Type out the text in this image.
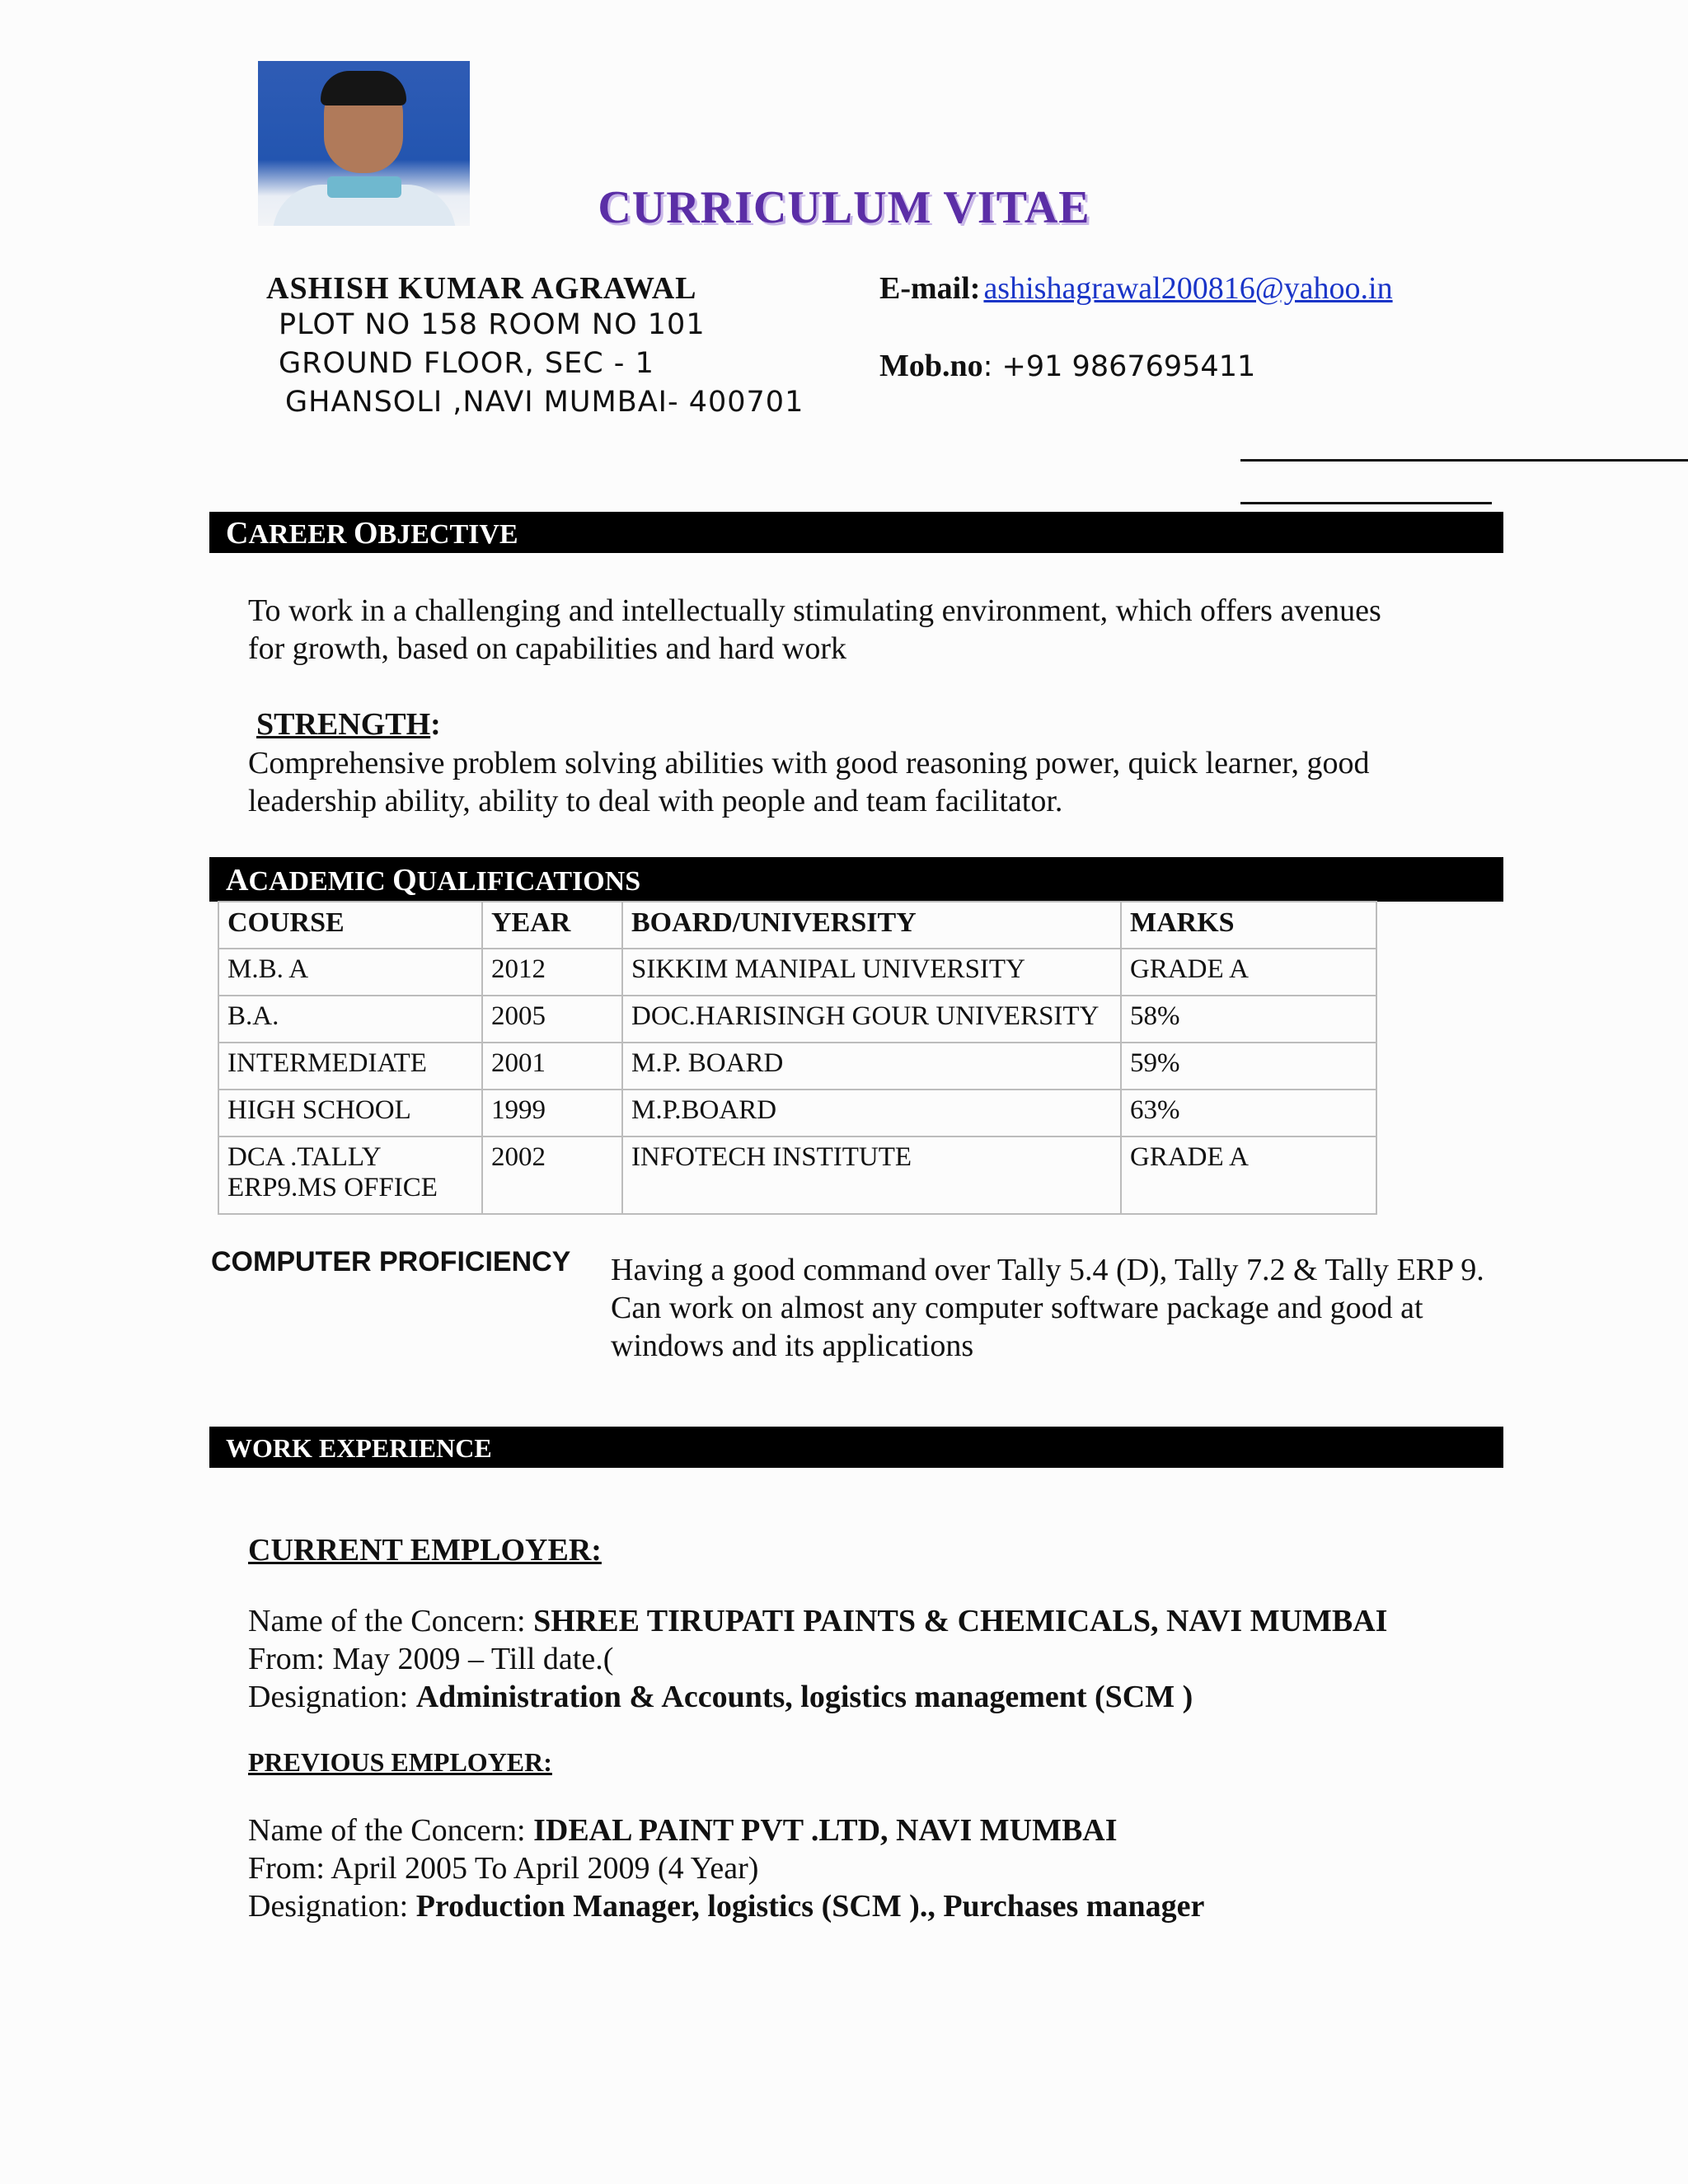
CURRICULUM VITAE
ASHISH KUMAR AGRAWAL
PLOT NO 158 ROOM NO 101
GROUND FLOOR, SEC - 1
GHANSOLI ,NAVI MUMBAI- 400701
E-mail: ashishagrawal200816@yahoo.in
Mob.no: +91 9867695411
CAREER OBJECTIVE
To work in a challenging and intellectually stimulating environment, which offers avenues
for growth, based on capabilities and hard work
STRENGTH:
Comprehensive problem solving abilities with good reasoning power, quick learner, good
leadership ability, ability to deal with people and team facilitator.
ACADEMIC QUALIFICATIONS
COURSE	YEAR	BOARD/UNIVERSITY	MARKS
M.B. A	2012	SIKKIM MANIPAL UNIVERSITY	GRADE A
B.A.	2005	DOC.HARISINGH GOUR UNIVERSITY	58%
INTERMEDIATE	2001	M.P. BOARD	59%
HIGH SCHOOL	1999	M.P.BOARD	63%

DCA .TALLY
ERP9.MS OFFICE	2002	INFOTECH INSTITUTE	GRADE A
COMPUTER PROFICIENCY Having a good command over Tally 5.4 (D), Tally 7.2 & Tally ERP 9.
Can work on almost any computer software package and good at
windows and its applications
WORK EXPERIENCE
CURRENT EMPLOYER:
Name of the Concern: SHREE TIRUPATI PAINTS & CHEMICALS, NAVI MUMBAI
From: May 2009 – Till date.(
Designation: Administration & Accounts, logistics management (SCM )
PREVIOUS EMPLOYER:
Name of the Concern: IDEAL PAINT PVT .LTD, NAVI MUMBAI
From: April 2005 To April 2009 (4 Year)
Designation: Production Manager, logistics (SCM )., Purchases manager
